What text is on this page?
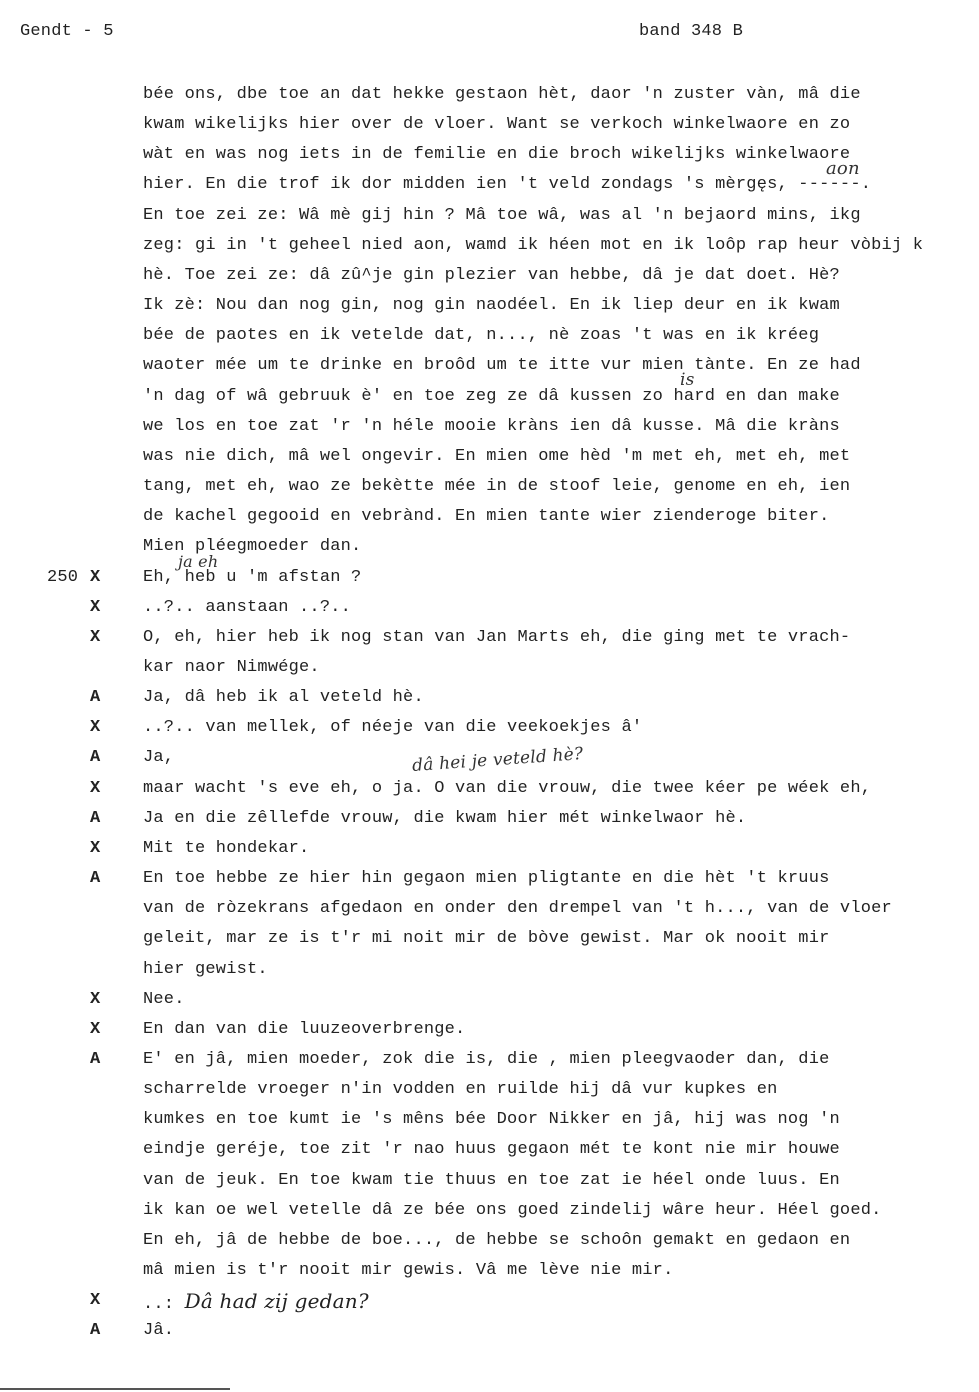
Gendt - 5	band 348 B
bée ons, dbe toe an dat hekke gestaon hèt, daor 'n zuster vàn, mâ die
kwam wikelijks hier over de vloer. Want se verkoch winkelwaore en zo
wàt en was nog iets in de femilie en die broch wikelijks winkelwaore
hier. En die trof ik dor midden ien 't veld zondags 's mèrgęs, ------.
En toe zei ze: Wâ mè gij hin ? Mâ toe wâ, was al 'n bejaord mins, ikg
zeg: gi in 't geheel nied aon, wamd ik héen mot en ik loôp rap heur vòbij k
hè. Toe zei ze: dâ zû^je gin plezier van hebbe, dâ je dat doet. Hè?
Ik zè: Nou dan nog gin, nog gin naodéel. En ik liep deur en ik kwam
bée de paotes en ik vetelde dat, n..., nè zoas 't was en ik kréeg
waoter mée um te drinke en broôd um te itte vur mien tànte. En ze had
'n dag of wâ gebruuk è' en toe zeg ze dâ kussen zo hard en dan make
we los en toe zat 'r 'n héle mooie kràns ien dâ kusse. Mâ die kràns
was nie dich, mâ wel ongevir. En mien ome hèd 'm met eh, met eh, met
tang, met eh, wao ze bekètte mée in de stoof leie, genome en eh, ien
de kachel gegooid en vebrànd. En mien tante wier zienderoge biter.
Mien pléegmoeder dan.
250 X	Eh, heb u 'm afstan ?
X	..?.. aanstaan ..?..
X	O, eh, hier heb ik nog stan van Jan Marts eh, die ging met te vrach-
kar naor Nimwége.
A	Ja, dâ heb ik al veteld hè.
X	..?.. van mellek, of néeje van die veekoekjes â'
A	Ja,
X	maar wacht 's eve eh, o ja. O van die vrouw, die twee kéer pe wéek eh,
A	Ja en die zêllefde vrouw, die kwam hier mét winkelwaor hè.
X	Mit te hondekar.
A	En toe hebbe ze hier hin gegaon mien pligtante en die hèt 't kruus
van de ròzekrans afgedaon en onder den drempel van 't h..., van de vloer
geleit, mar ze is t'r mi noit mir de bòve gewist. Mar ok nooit mir
hier gewist.
X	Nee.
X	En dan van die luuzeoverbrenge.
A	E' en jâ, mien moeder, zok die is, die , mien pleegvaoder dan, die
scharrelde vroeger n'in vodden en ruilde hij dâ vur kupkes en
kumkes en toe kumt ie 's mêns bée Door Nikker en jâ, hij was nog 'n
eindje geréje, toe zit 'r nao huus gegaon mét te kont nie mir houwe
van de jeuk. En toe kwam tie thuus en toe zat ie héel onde luus. En
ik kan oe wel vetelle dâ ze bée ons goed zindelij wâre heur. Héel goed.
En eh, jâ de hebbe de boe..., de hebbe se schoôn gemakt en gedaon en
mâ mien is t'r nooit mir gewis. Vâ me lève nie mir.
X	..: Dâ had zij gedan?
A	Jâ.
aon
is
ja eh
dâ hei je veteld hè?
